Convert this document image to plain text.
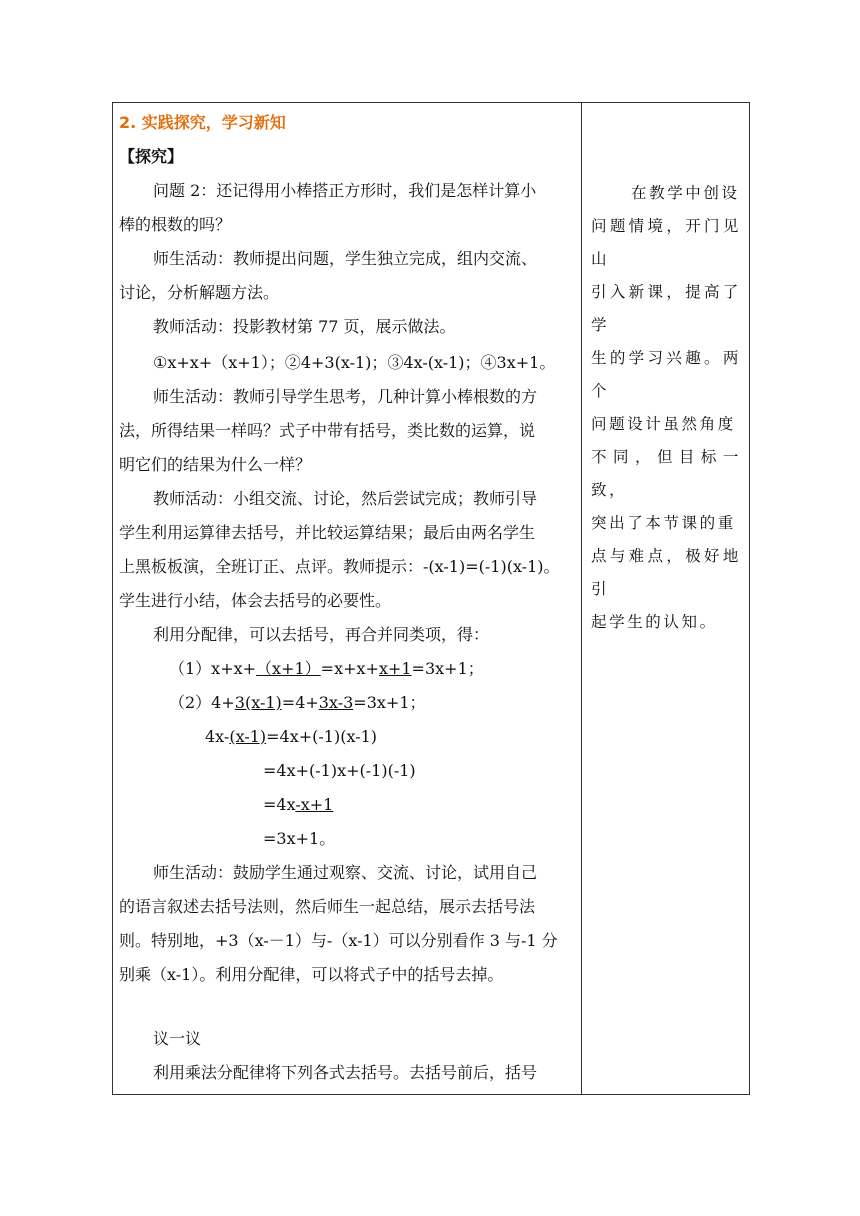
2. 实践探究，学习新知
【探究】
问题 2：还记得用小棒搭正方形时，我们是怎样计算小
棒的根数的吗？
师生活动：教师提出问题，学生独立完成，组内交流、
讨论，分析解题方法。
教师活动：投影教材第 77 页，展示做法。
①x+x+（x+1）；②4+3(x-1)；③4x-(x-1)；④3x+1。
师生活动：教师引导学生思考，几种计算小棒根数的方
法，所得结果一样吗？式子中带有括号，类比数的运算，说
明它们的结果为什么一样？
教师活动：小组交流、讨论，然后尝试完成；教师引导
学生利用运算律去括号，并比较运算结果；最后由两名学生
上黑板板演，全班订正、点评。教师提示：-(x-1)=(-1)(x-1)。
学生进行小结，体会去括号的必要性。
利用分配律，可以去括号，再合并同类项，得：
（1）x+x+（x+1）=x+x+x+1=3x+1；
（2）4+3(x-1)=4+3x-3=3x+1；
4x-(x-1)=4x+(-1)(x-1)
=4x+(-1)x+(-1)(-1)
=4x-x+1
=3x+1。
师生活动：鼓励学生通过观察、交流、讨论，试用自己
的语言叙述去括号法则，然后师生一起总结，展示去括号法
则。特别地，+3（x-－1）与-（x-1）可以分别看作 3 与-1 分
别乘（x-1）。利用分配律，可以将式子中的括号去掉。
议一议
利用乘法分配律将下列各式去括号。去括号前后，括号
在教学中创设
问题情境，开门见山
引入新课，提高了学
生的学习兴趣。两个
问题设计虽然角度
不同，但目标一致，
突出了本节课的重
点与难点，极好地引
起学生的认知。
